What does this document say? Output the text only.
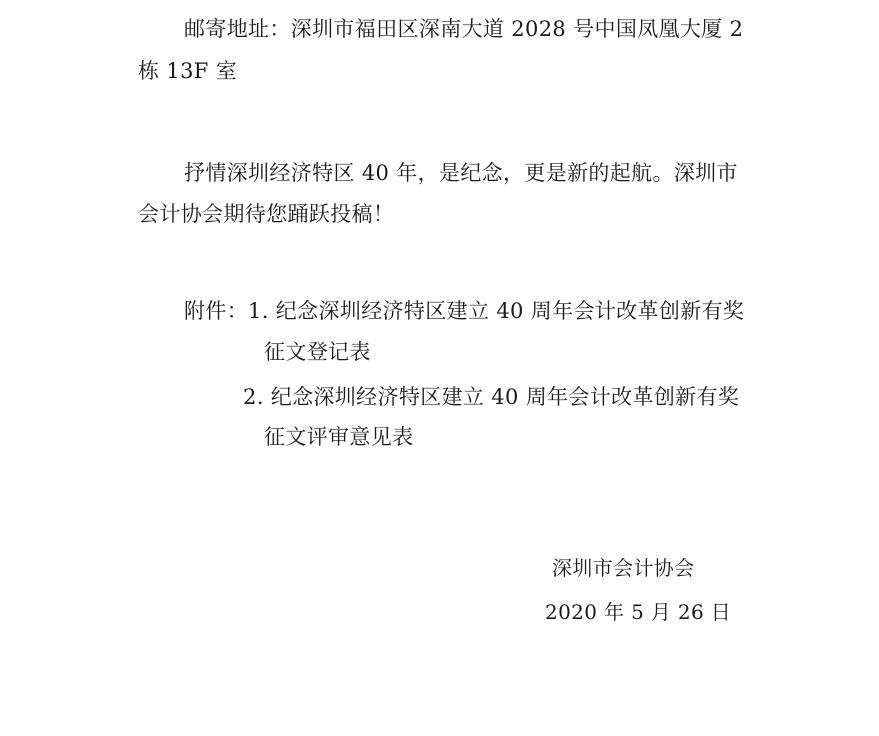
邮寄地址：深圳市福田区深南大道 2028 号中国凤凰大厦 2
栋 13F 室
抒情深圳经济特区 40 年，是纪念，更是新的起航。深圳市
会计协会期待您踊跃投稿！
附件：1. 纪念深圳经济特区建立 40 周年会计改革创新有奖
征文登记表
2. 纪念深圳经济特区建立 40 周年会计改革创新有奖
征文评审意见表
深圳市会计协会
2020 年 5 月 26 日
